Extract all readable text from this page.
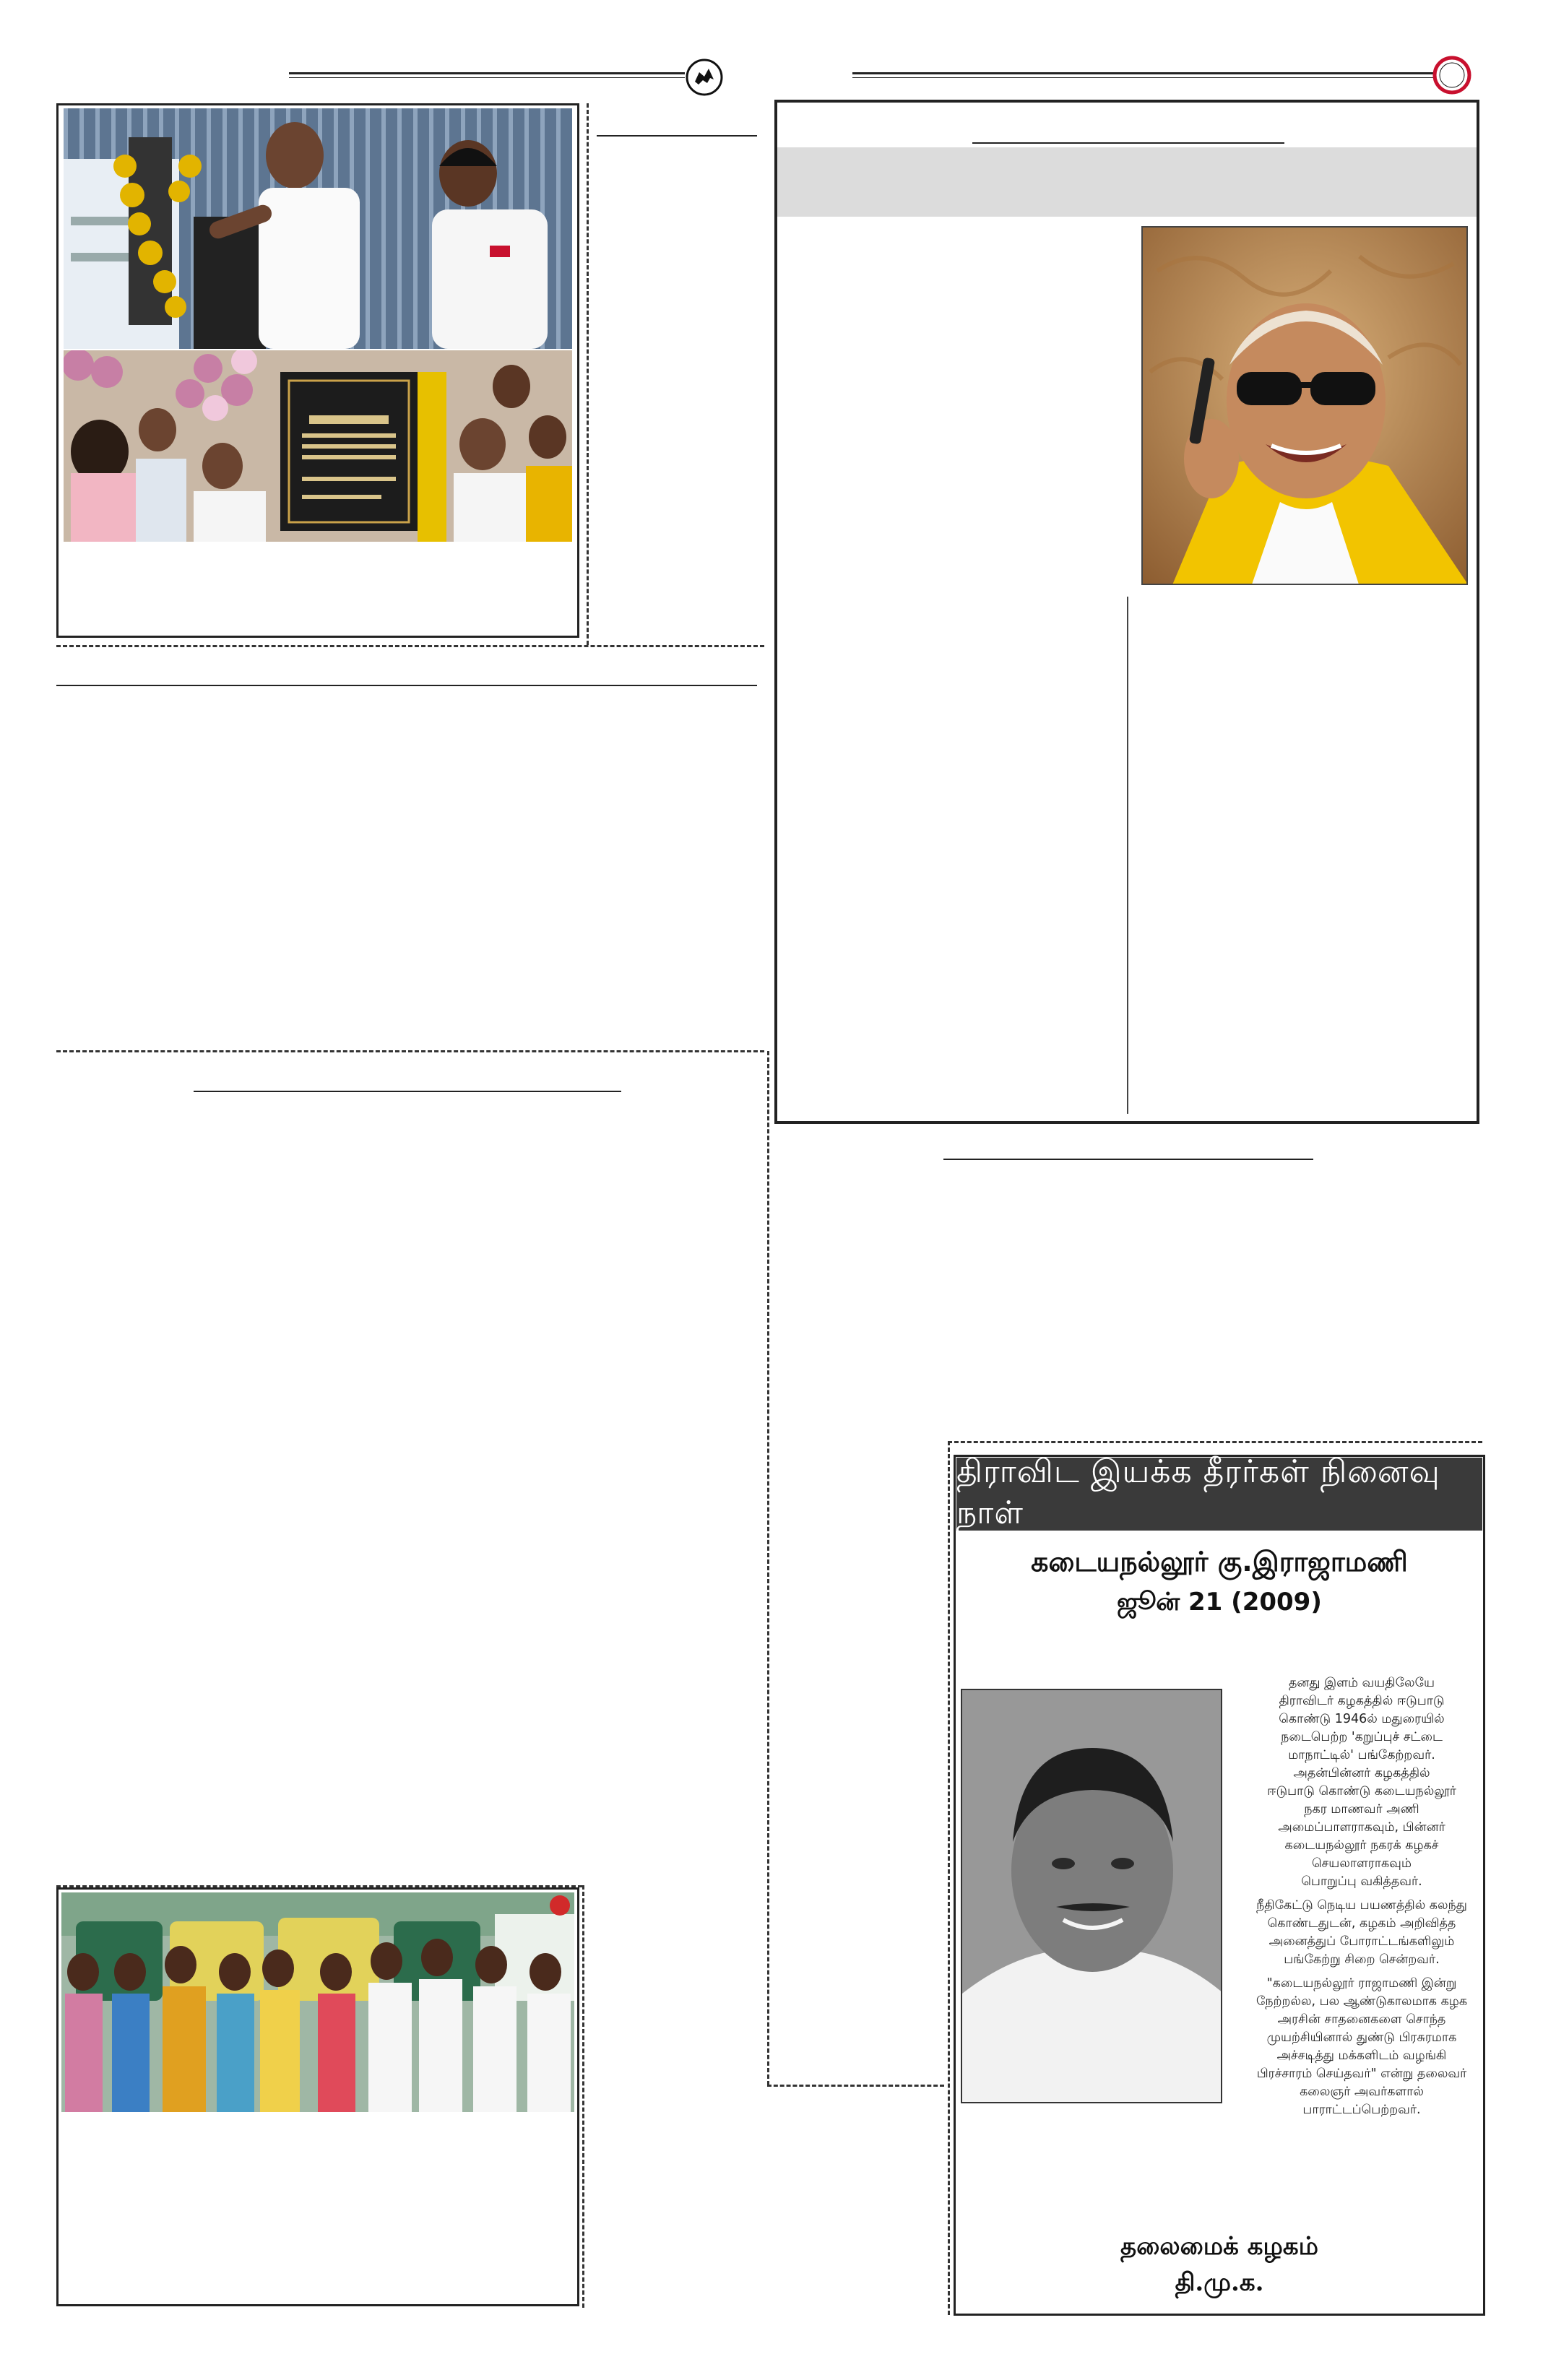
திராவிட இயக்க தீரர்கள் நினைவு நாள்
கடையநல்லூர் கு.இராஜாமணி
ஜூன் 21 (2009)
தனது இளம் வயதிலேயே
திராவிடர் கழகத்தில் ஈடுபாடு
கொண்டு 1946ல் மதுரையில்
நடைபெற்ற 'கறுப்புச் சட்டை
மாநாட்டில்' பங்கேற்றவர்.
அதன்பின்னர் கழகத்தில்
ஈடுபாடு கொண்டு கடையநல்லூர்
நகர மாணவர் அணி
அமைப்பாளராகவும், பின்னர்
கடையநல்லூர் நகரக் கழகச்
செயலாளராகவும்
பொறுப்பு வகித்தவர்.
நீதிகேட்டு நெடிய பயணத்தில் கலந்து
கொண்டதுடன், கழகம் அறிவித்த
அனைத்துப் போராட்டங்களிலும்
பங்கேற்று சிறை சென்றவர்.
"கடையநல்லூர் ராஜாமணி இன்று
நேற்றல்ல, பல ஆண்டுகாலமாக கழக
அரசின் சாதனைகளை சொந்த
முயற்சியினால் துண்டு பிரசுரமாக
அச்சடித்து மக்களிடம் வழங்கி
பிரச்சாரம் செய்தவர்" என்று தலைவர்
கலைஞர் அவர்களால்
பாராட்டப்பெற்றவர்.
தலைமைக் கழகம்
தி.மு.க.
